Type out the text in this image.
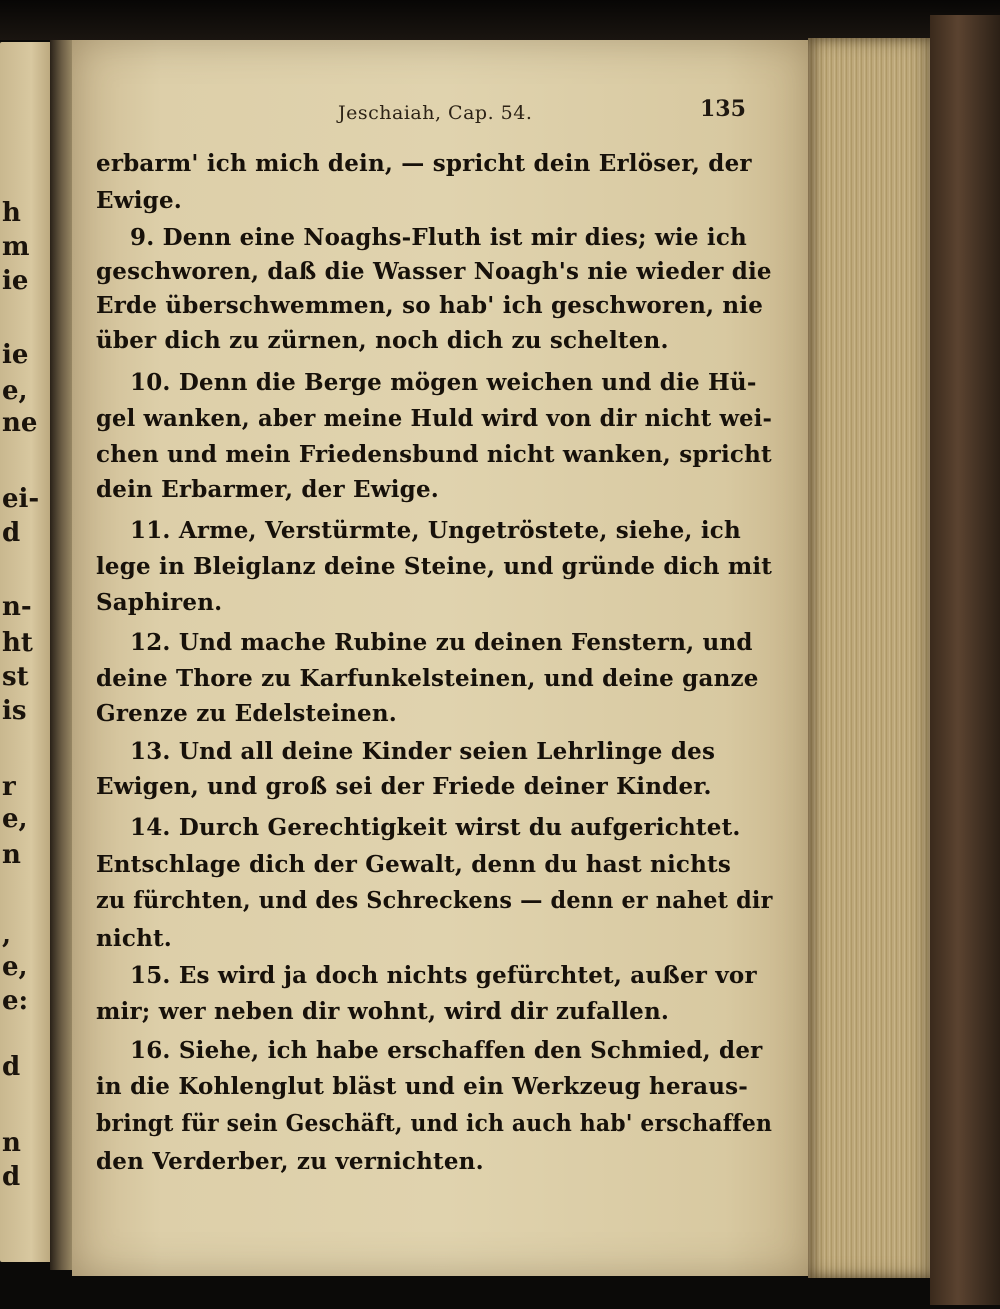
h
m
ie
ie
e,
ne
ei-
d
n-
ht
st
is
r
e,
n
,
e,
e:
d
n
d
Jeschaiah, Cap. 54.	135
erbarm' ich mich dein, — spricht dein Erlöser, der
Ewige.
9. Denn eine Noaghs-Fluth ist mir dies; wie ich
geschworen, daß die Wasser Noagh's nie wieder die
Erde überschwemmen, so hab' ich geschworen, nie
über dich zu zürnen, noch dich zu schelten.
10. Denn die Berge mögen weichen und die Hü-
gel wanken, aber meine Huld wird von dir nicht wei-
chen und mein Friedensbund nicht wanken, spricht
dein Erbarmer, der Ewige.
11. Arme, Verstürmte, Ungetröstete, siehe, ich
lege in Bleiglanz deine Steine, und gründe dich mit
Saphiren.
12. Und mache Rubine zu deinen Fenstern, und
deine Thore zu Karfunkelsteinen, und deine ganze
Grenze zu Edelsteinen.
13. Und all deine Kinder seien Lehrlinge des
Ewigen, und groß sei der Friede deiner Kinder.
14. Durch Gerechtigkeit wirst du aufgerichtet.
Entschlage dich der Gewalt, denn du hast nichts
zu fürchten, und des Schreckens — denn er nahet dir
nicht.
15. Es wird ja doch nichts gefürchtet, außer vor
mir; wer neben dir wohnt, wird dir zufallen.
16. Siehe, ich habe erschaffen den Schmied, der
in die Kohlenglut bläst und ein Werkzeug heraus-
bringt für sein Geschäft, und ich auch hab' erschaffen
den Verderber, zu vernichten.
